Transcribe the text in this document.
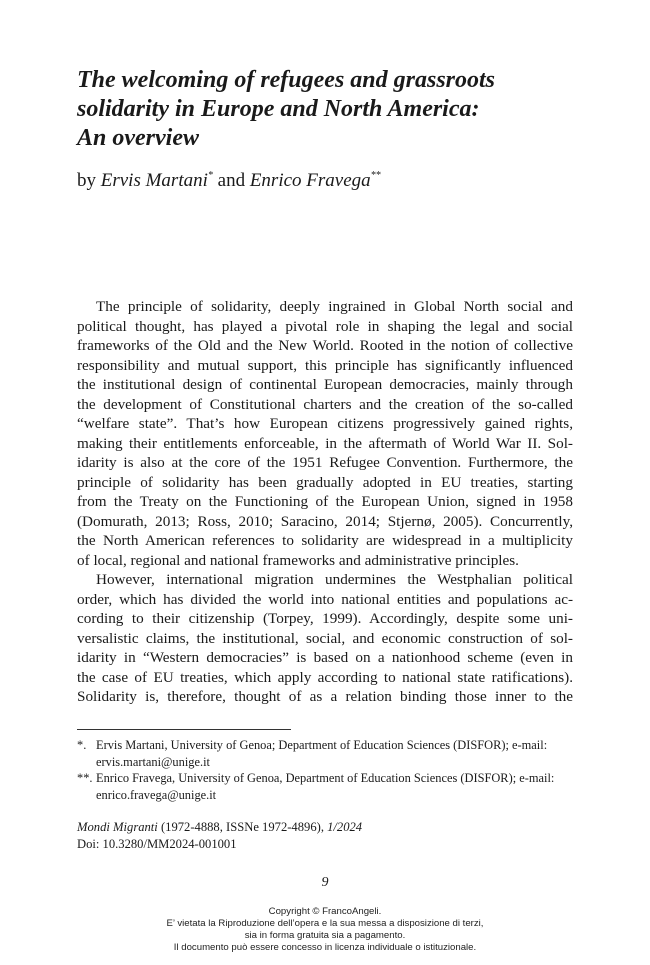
The welcoming of refugees and grassroots
solidarity in Europe and North America:
An overview
by Ervis Martani* and Enrico Fravega**
The principle of solidarity, deeply ingrained in Global North social and
political thought, has played a pivotal role in shaping the legal and social
frameworks of the Old and the New World. Rooted in the notion of collective
responsibility and mutual support, this principle has significantly influenced
the institutional design of continental European democracies, mainly through
the development of Constitutional charters and the creation of the so-called
“welfare state”. That’s how European citizens progressively gained rights,
making their entitlements enforceable, in the aftermath of World War II. Sol-
idarity is also at the core of the 1951 Refugee Convention. Furthermore, the
principle of solidarity has been gradually adopted in EU treaties, starting
from the Treaty on the Functioning of the European Union, signed in 1958
(Domurath, 2013; Ross, 2010; Saracino, 2014; Stjernø, 2005). Concurrently,
the North American references to solidarity are widespread in a multiplicity
of local, regional and national frameworks and administrative principles.
However, international migration undermines the Westphalian political
order, which has divided the world into national entities and populations ac-
cording to their citizenship (Torpey, 1999). Accordingly, despite some uni-
versalistic claims, the institutional, social, and economic construction of sol-
idarity in “Western democracies” is based on a nationhood scheme (even in
the case of EU treaties, which apply according to national state ratifications).
Solidarity is, therefore, thought of as a relation binding those inner to the
*. Ervis Martani, University of Genoa; Department of Education Sciences (DISFOR); e-mail: ervis.martani@unige.it
**. Enrico Fravega, University of Genoa, Department of Education Sciences (DISFOR); e-mail: enrico.fravega@unige.it
Mondi Migranti (1972-4888, ISSNe 1972-4896), 1/2024
Doi: 10.3280/MM2024-001001
9
Copyright © FrancoAngeli.
E’ vietata la Riproduzione dell’opera e la sua messa a disposizione di terzi,
sia in forma gratuita sia a pagamento.
Il documento può essere concesso in licenza individuale o istituzionale.
